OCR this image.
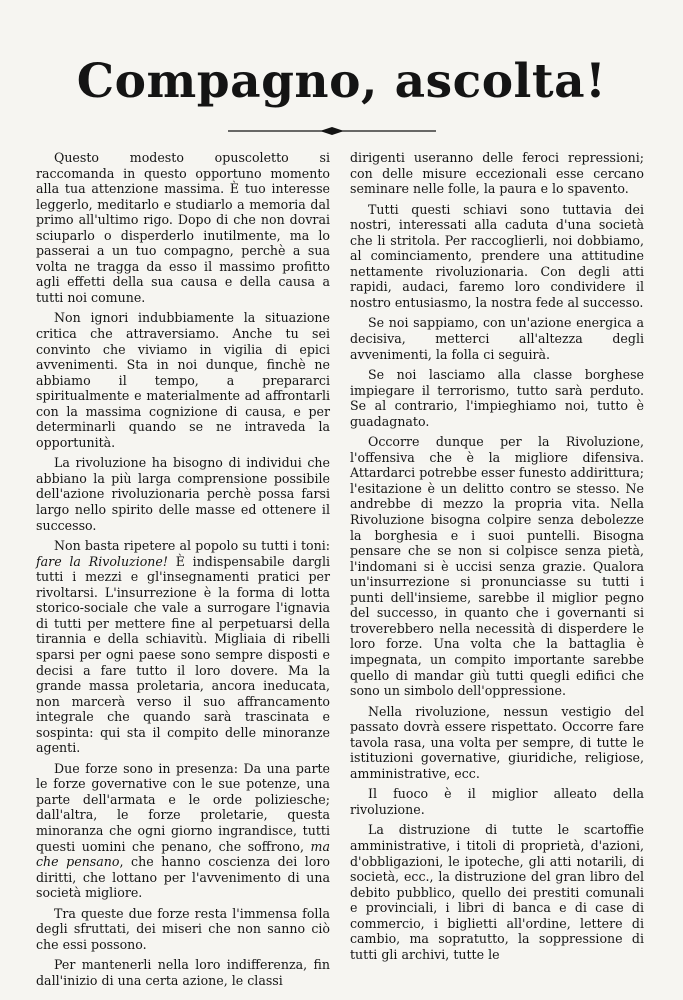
Compagno, ascolta!

Questo modesto opuscoletto si raccomanda in questo opportuno momento alla tua attenzione massima. È tuo interesse leggerlo, meditarlo e studiarlo a memoria dal primo all'ultimo rigo. Dopo di che non dovrai sciuparlo o disperderlo inutilmente, ma lo passerai a un tuo compagno, perchè a sua volta ne tragga da esso il massimo profitto agli effetti della sua causa e della causa a tutti noi comune.

Non ignori indubbiamente la situazione critica che attraversiamo. Anche tu sei convinto che viviamo in vigilia di epici avvenimenti. Sta in noi dunque, finchè ne abbiamo il tempo, a prepararci spiritualmente e materialmente ad affrontarli con la massima cognizione di causa, e per determinarli quando se ne intraveda la opportunità.

La rivoluzione ha bisogno di individui che abbiano la più larga comprensione possibile dell'azione rivoluzionaria perchè possa farsi largo nello spirito delle masse ed ottenere il successo.

Non basta ripetere al popolo su tutti i toni: fare la Rivoluzione! È indispensabile dargli tutti i mezzi e gl'insegnamenti pratici per rivoltarsi. L'insurrezione è la forma di lotta storico-sociale che vale a surrogare l'ignavia di tutti per mettere fine al perpetuarsi della tirannia e della schiavitù. Migliaia di ribelli sparsi per ogni paese sono sempre disposti e decisi a fare tutto il loro dovere. Ma la grande massa proletaria, ancora ineducata, non marcerà verso il suo affrancamento integrale che quando sarà trascinata e sospinta: qui sta il compito delle minoranze agenti.

Due forze sono in presenza: Da una parte le forze governative con le sue potenze, una parte dell'armata e le orde poliziesche; dall'altra, le forze proletarie, questa minoranza che ogni giorno ingrandisce, tutti questi uomini che penano, che soffrono, ma che pensano, che hanno coscienza dei loro diritti, che lottano per l'avvenimento di una società migliore.

Tra queste due forze resta l'immensa folla degli sfruttati, dei miseri che non sanno ciò che essi possono.

Per mantenerli nella loro indifferenza, fin dall'inizio di una certa azione, le classi

dirigenti useranno delle feroci repressioni; con delle misure eccezionali esse cercano seminare nelle folle, la paura e lo spavento.

Tutti questi schiavi sono tuttavia dei nostri, interessati alla caduta d'una società che li stritola. Per raccoglierli, noi dobbiamo, al cominciamento, prendere una attitudine nettamente rivoluzionaria. Con degli atti rapidi, audaci, faremo loro condividere il nostro entusiasmo, la nostra fede al successo.

Se noi sappiamo, con un'azione energica a decisiva, metterci all'altezza degli avvenimenti, la folla ci seguirà.

Se noi lasciamo alla classe borghese impiegare il terrorismo, tutto sarà perduto. Se al contrario, l'impieghiamo noi, tutto è guadagnato.

Occorre dunque per la Rivoluzione, l'offensiva che è la migliore difensiva. Attardarci potrebbe esser funesto addirittura; l'esitazione è un delitto contro se stesso. Ne andrebbe di mezzo la propria vita. Nella Rivoluzione bisogna colpire senza debolezze la borghesia e i suoi puntelli. Bisogna pensare che se non si colpisce senza pietà, l'indomani si è uccisi senza grazie. Qualora un'insurrezione si pronunciasse su tutti i punti dell'insieme, sarebbe il miglior pegno del successo, in quanto che i governanti si troverebbero nella necessità di disperdere le loro forze. Una volta che la battaglia è impegnata, un compito importante sarebbe quello di mandar giù tutti quegli edifici che sono un simbolo dell'oppressione.

Nella rivoluzione, nessun vestigio del passato dovrà essere rispettato. Occorre fare tavola rasa, una volta per sempre, di tutte le istituzioni governative, giuridiche, religiose, amministrative, ecc.

Il fuoco è il miglior alleato della rivoluzione.

La distruzione di tutte le scartoffie amministrative, i titoli di proprietà, d'azioni, d'obbligazioni, le ipoteche, gli atti notarili, di società, ecc., la distruzione del gran libro del debito pubblico, quello dei prestiti comunali e provinciali, i libri di banca e di case di commercio, i biglietti all'ordine, lettere di cambio, ma sopratutto, la soppressione di tutti gli archivi, tutte le
